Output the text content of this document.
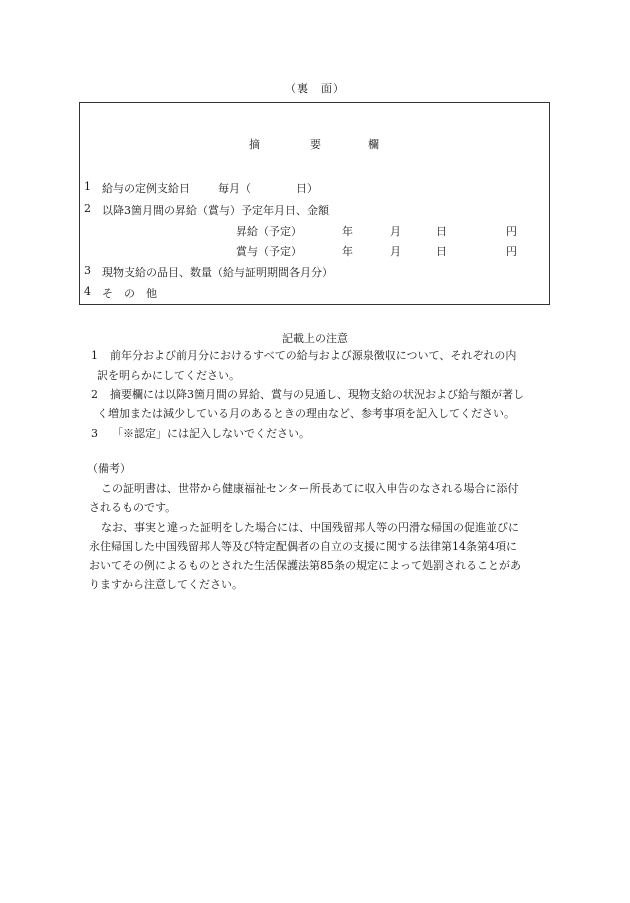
（裏　面）
摘	要	欄
1 給与の定例支給日	毎月（	日）
2 以降3箇月間の昇給（賞与）予定年月日、金額
昇給（予定）	年	月	日	円
賞与（予定）	年	月	日	円
3 現物支給の品目、数量（給与証明期間各月分）
4 そ　の　他
記載上の注意
1 前年分および前月分におけるすべての給与および源泉徴収について、それぞれの内
訳を明らかにしてください。
2 摘要欄には以降3箇月間の昇給、賞与の見通し、現物支給の状況および給与額が著し
く増加または減少している月のあるときの理由など、参考事項を記入してください。
3 「※認定」には記入しないでください。
（備考）
この証明書は、世帯から健康福祉センター所長あてに収入申告のなされる場合に添付
されるものです。
なお、事実と違った証明をした場合には、中国残留邦人等の円滑な帰国の促進並びに
永住帰国した中国残留邦人等及び特定配偶者の自立の支援に関する法律第14条第4項に
おいてその例によるものとされた生活保護法第85条の規定によって処罰されることがあ
りますから注意してください。
